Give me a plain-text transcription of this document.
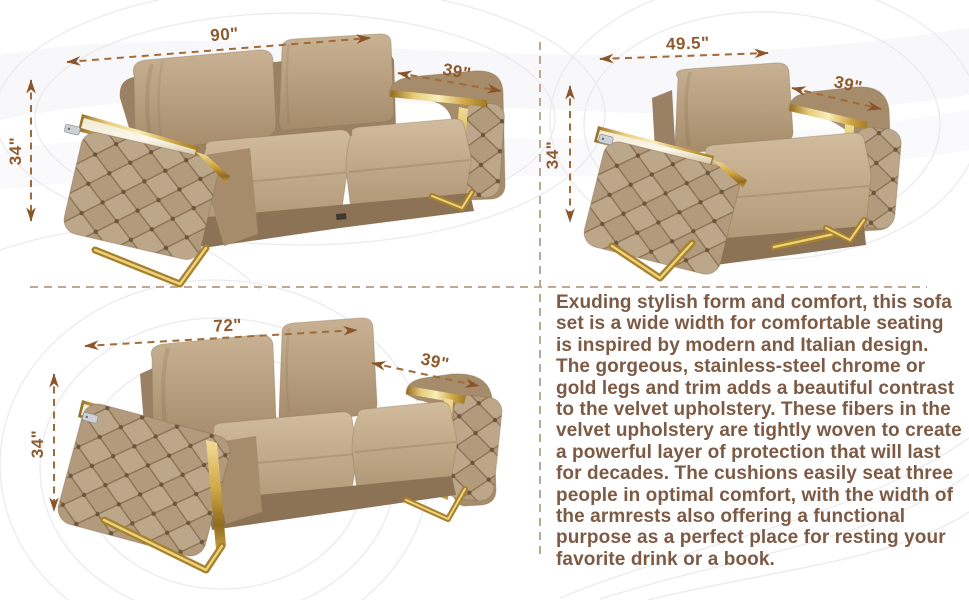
90"
39"
34"
49.5"
39"
34"
72"
39"
34"
Exuding stylish form and comfort, this sofa set is a wide width for comfortable seating is inspired by modern and Italian design. The gorgeous, stainless-steel chrome or gold legs and trim adds a beautiful contrast to the velvet upholstery. These fibers in the velvet upholstery are tightly woven to create a powerful layer of protection that will last for decades. The cushions easily seat three people in optimal comfort, with the width of the armrests also offering a functional purpose as a perfect place for resting your favorite drink or a book.
